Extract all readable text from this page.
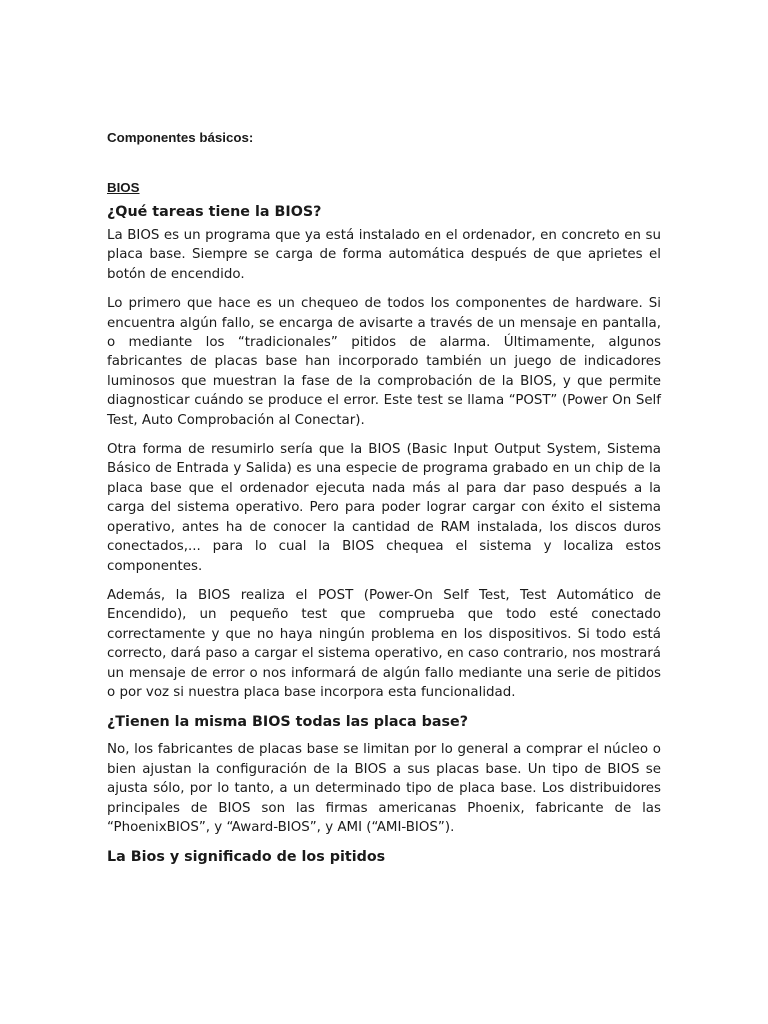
Componentes básicos:

BIOS

¿Qué tareas tiene la BIOS?

La BIOS es un programa que ya está instalado en el ordenador, en concreto en su placa base. Siempre se carga de forma automática después de que aprietes el botón de encendido.

Lo primero que hace es un chequeo de todos los componentes de hardware. Si encuentra algún fallo, se encarga de avisarte a través de un mensaje en pantalla, o mediante los “tradicionales” pitidos de alarma. Últimamente, algunos fabricantes de placas base han incorporado también un juego de indicadores luminosos que muestran la fase de la comprobación de la BIOS, y que permite diagnosticar cuándo se produce el error. Este test se llama “POST” (Power On Self Test, Auto Comprobación al Conectar).

Otra forma de resumirlo sería que la BIOS (Basic Input Output System, Sistema Básico de Entrada y Salida) es una especie de programa grabado en un chip de la placa base que el ordenador ejecuta nada más al para dar paso después a la carga del sistema operativo. Pero para poder lograr cargar con éxito el sistema operativo, antes ha de conocer la cantidad de RAM instalada, los discos duros conectados,... para lo cual la BIOS chequea el sistema y localiza estos componentes.

Además, la BIOS realiza el POST (Power-On Self Test, Test Automático de Encendido), un pequeño test que comprueba que todo esté conectado correctamente y que no haya ningún problema en los dispositivos. Si todo está correcto, dará paso a cargar el sistema operativo, en caso contrario, nos mostrará un mensaje de error o nos informará de algún fallo mediante una serie de pitidos o por voz si nuestra placa base incorpora esta funcionalidad.

¿Tienen la misma BIOS todas las placa base?

No, los fabricantes de placas base se limitan por lo general a comprar el núcleo o bien ajustan la configuración de la BIOS a sus placas base. Un tipo de BIOS se ajusta sólo, por lo tanto, a un determinado tipo de placa base. Los distribuidores principales de BIOS son las firmas americanas Phoenix, fabricante de las “PhoenixBIOS”, y “Award-BIOS”, y AMI (“AMI-BIOS”).

La Bios y significado de los pitidos
